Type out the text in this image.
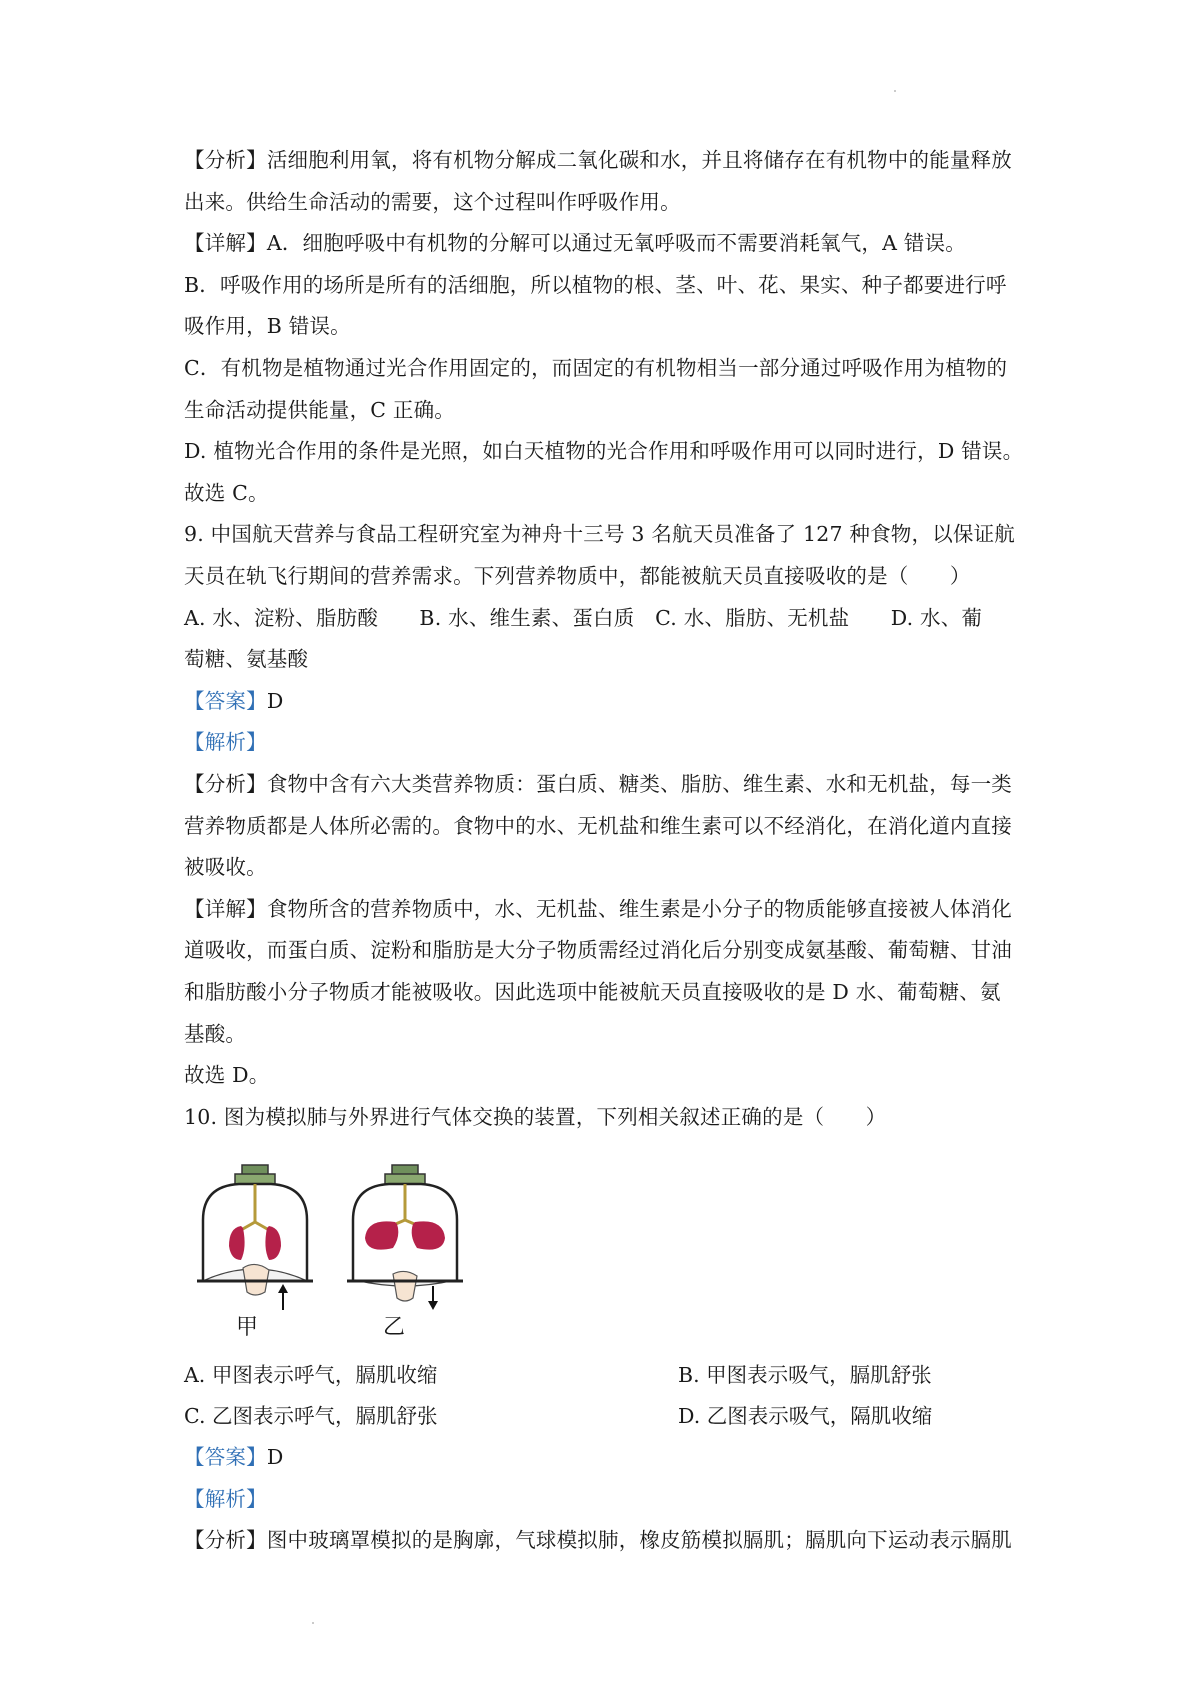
【分析】活细胞利用氧，将有机物分解成二氧化碳和水，并且将储存在有机物中的能量释放
出来。供给生命活动的需要，这个过程叫作呼吸作用。
【详解】A．细胞呼吸中有机物的分解可以通过无氧呼吸而不需要消耗氧气，A 错误。
B．呼吸作用的场所是所有的活细胞，所以植物的根、茎、叶、花、果实、种子都要进行呼
吸作用，B 错误。
C．有机物是植物通过光合作用固定的，而固定的有机物相当一部分通过呼吸作用为植物的
生命活动提供能量，C 正确。
D. 植物光合作用的条件是光照，如白天植物的光合作用和呼吸作用可以同时进行，D 错误。
故选 C。
9. 中国航天营养与食品工程研究室为神舟十三号 3 名航天员准备了 127 种食物，以保证航
天员在轨飞行期间的营养需求。下列营养物质中，都能被航天员直接吸收的是（　　）
A. 水、淀粉、脂肪酸　　B. 水、维生素、蛋白质　C. 水、脂肪、无机盐　　D. 水、葡
萄糖、氨基酸
【答案】D
【解析】
【分析】食物中含有六大类营养物质：蛋白质、糖类、脂肪、维生素、水和无机盐，每一类
营养物质都是人体所必需的。食物中的水、无机盐和维生素可以不经消化，在消化道内直接
被吸收。
【详解】食物所含的营养物质中，水、无机盐、维生素是小分子的物质能够直接被人体消化
道吸收，而蛋白质、淀粉和脂肪是大分子物质需经过消化后分别变成氨基酸、葡萄糖、甘油
和脂肪酸小分子物质才能被吸收。因此选项中能被航天员直接吸收的是 D 水、葡萄糖、氨
基酸。
故选 D。
10. 图为模拟肺与外界进行气体交换的装置，下列相关叙述正确的是（　　）
甲	乙
A. 甲图表示呼气，膈肌收缩	B. 甲图表示吸气，膈肌舒张
C. 乙图表示呼气，膈肌舒张	D. 乙图表示吸气，隔肌收缩
【答案】D
【解析】
【分析】图中玻璃罩模拟的是胸廓，气球模拟肺，橡皮筋模拟膈肌；膈肌向下运动表示膈肌
